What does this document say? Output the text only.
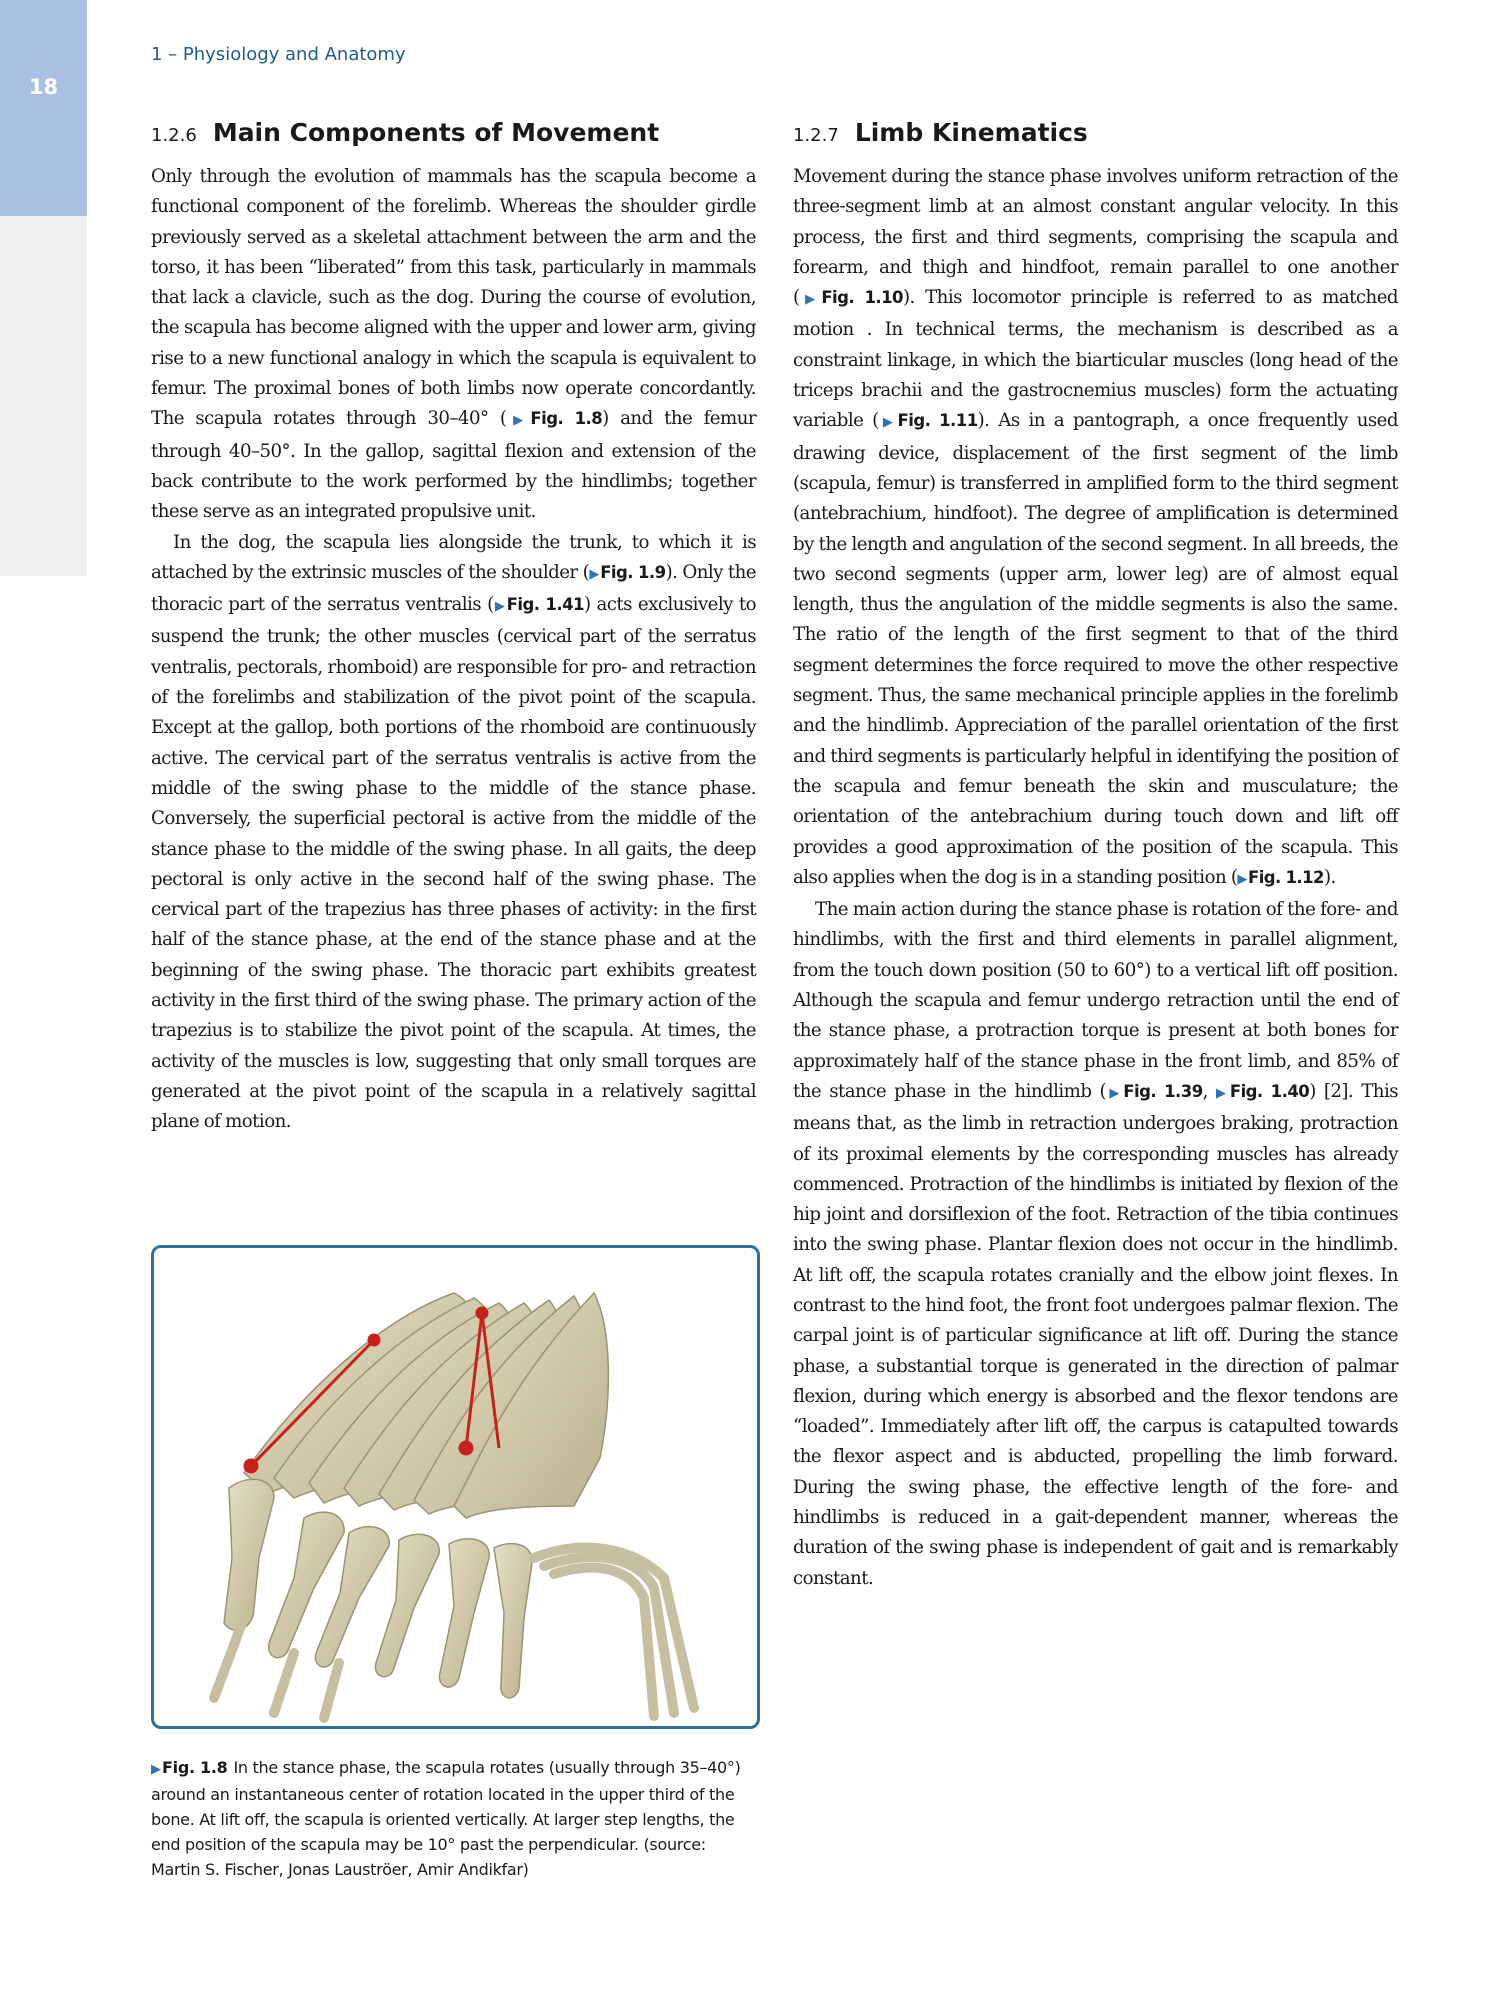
18
1 – Physiology and Anatomy
1.2.6 Main Components of Movement

Only through the evolution of mammals has the scapula become a functional component of the forelimb. Whereas the shoulder girdle previously served as a skeletal attachment between the arm and the torso, it has been “liberated” from this task, particularly in mammals that lack a clavicle, such as the dog. During the course of evolution, the scapula has become aligned with the upper and lower arm, giving rise to a new functional analogy in which the scapula is equivalent to femur. The proximal bones of both limbs now operate concordantly. The scapula rotates through 30–40° (▶ Fig. 1.8) and the femur through 40–50°. In the gallop, sagittal flexion and extension of the back contribute to the work performed by the hindlimbs; together these serve as an integrated propulsive unit.

In the dog, the scapula lies alongside the trunk, to which it is attached by the extrinsic muscles of the shoulder (▶ Fig. 1.9). Only the thoracic part of the serratus ventralis (▶ Fig. 1.41) acts exclusively to suspend the trunk; the other muscles (cervical part of the serratus ventralis, pectorals, rhomboid) are responsible for pro- and retraction of the forelimbs and stabilization of the pivot point of the scapula. Except at the gallop, both portions of the rhomboid are continuously active. The cervical part of the serratus ventralis is active from the middle of the swing phase to the middle of the stance phase. Conversely, the superficial pectoral is active from the middle of the stance phase to the middle of the swing phase. In all gaits, the deep pectoral is only active in the second half of the swing phase. The cervical part of the trapezius has three phases of activity: in the first half of the stance phase, at the end of the stance phase and at the beginning of the swing phase. The thoracic part exhibits greatest activity in the first third of the swing phase. The primary action of the trapezius is to stabilize the pivot point of the scapula. At times, the activity of the muscles is low, suggesting that only small torques are generated at the pivot point of the scapula in a relatively sagittal plane of motion.

1.2.7 Limb Kinematics

Movement during the stance phase involves uniform retraction of the three-segment limb at an almost constant angular velocity. In this process, the first and third segments, comprising the scapula and forearm, and thigh and hindfoot, remain parallel to one another (▶ Fig. 1.10). This locomotor principle is referred to as matched motion . In technical terms, the mechanism is described as a constraint linkage, in which the biarticular muscles (long head of the triceps brachii and the gastrocnemius muscles) form the actuating variable (▶ Fig. 1.11). As in a pantograph, a once frequently used drawing device, displacement of the first segment of the limb (scapula, femur) is transferred in amplified form to the third segment (antebrachium, hindfoot). The degree of amplification is determined by the length and angulation of the second segment. In all breeds, the two second segments (upper arm, lower leg) are of almost equal length, thus the angulation of the middle segments is also the same. The ratio of the length of the first segment to that of the third segment determines the force required to move the other respective segment. Thus, the same mechanical principle applies in the forelimb and the hindlimb. Appreciation of the parallel orientation of the first and third segments is particularly helpful in identifying the position of the scapula and femur beneath the skin and musculature; the orientation of the antebrachium during touch down and lift off provides a good approximation of the position of the scapula. This also applies when the dog is in a standing position (▶ Fig. 1.12).

The main action during the stance phase is rotation of the fore- and hindlimbs, with the first and third elements in parallel alignment, from the touch down position (50 to 60°) to a vertical lift off position. Although the scapula and femur undergo retraction until the end of the stance phase, a protraction torque is present at both bones for approximately half of the stance phase in the front limb, and 85% of the stance phase in the hindlimb (▶ Fig. 1.39, ▶ Fig. 1.40) [2]. This means that, as the limb in retraction undergoes braking, protraction of its proximal elements by the corresponding muscles has already commenced. Protraction of the hindlimbs is initiated by flexion of the hip joint and dorsiflexion of the foot. Retraction of the tibia continues into the swing phase. Plantar flexion does not occur in the hindlimb. At lift off, the scapula rotates cranially and the elbow joint flexes. In contrast to the hind foot, the front foot undergoes palmar flexion. The carpal joint is of particular significance at lift off. During the stance phase, a substantial torque is generated in the direction of palmar flexion, during which energy is absorbed and the flexor tendons are “loaded”. Immediately after lift off, the carpus is catapulted towards the flexor aspect and is abducted, propelling the limb forward. During the swing phase, the effective length of the fore- and hindlimbs is reduced in a gait-dependent manner, whereas the duration of the swing phase is independent of gait and is remarkably constant.

▶ Fig. 1.8 In the stance phase, the scapula rotates (usually through 35–40°) around an instantaneous center of rotation located in the upper third of the bone. At lift off, the scapula is oriented vertically. At larger step lengths, the end position of the scapula may be 10° past the perpendicular. (source: Martin S. Fischer, Jonas Lauströer, Amir Andikfar)
